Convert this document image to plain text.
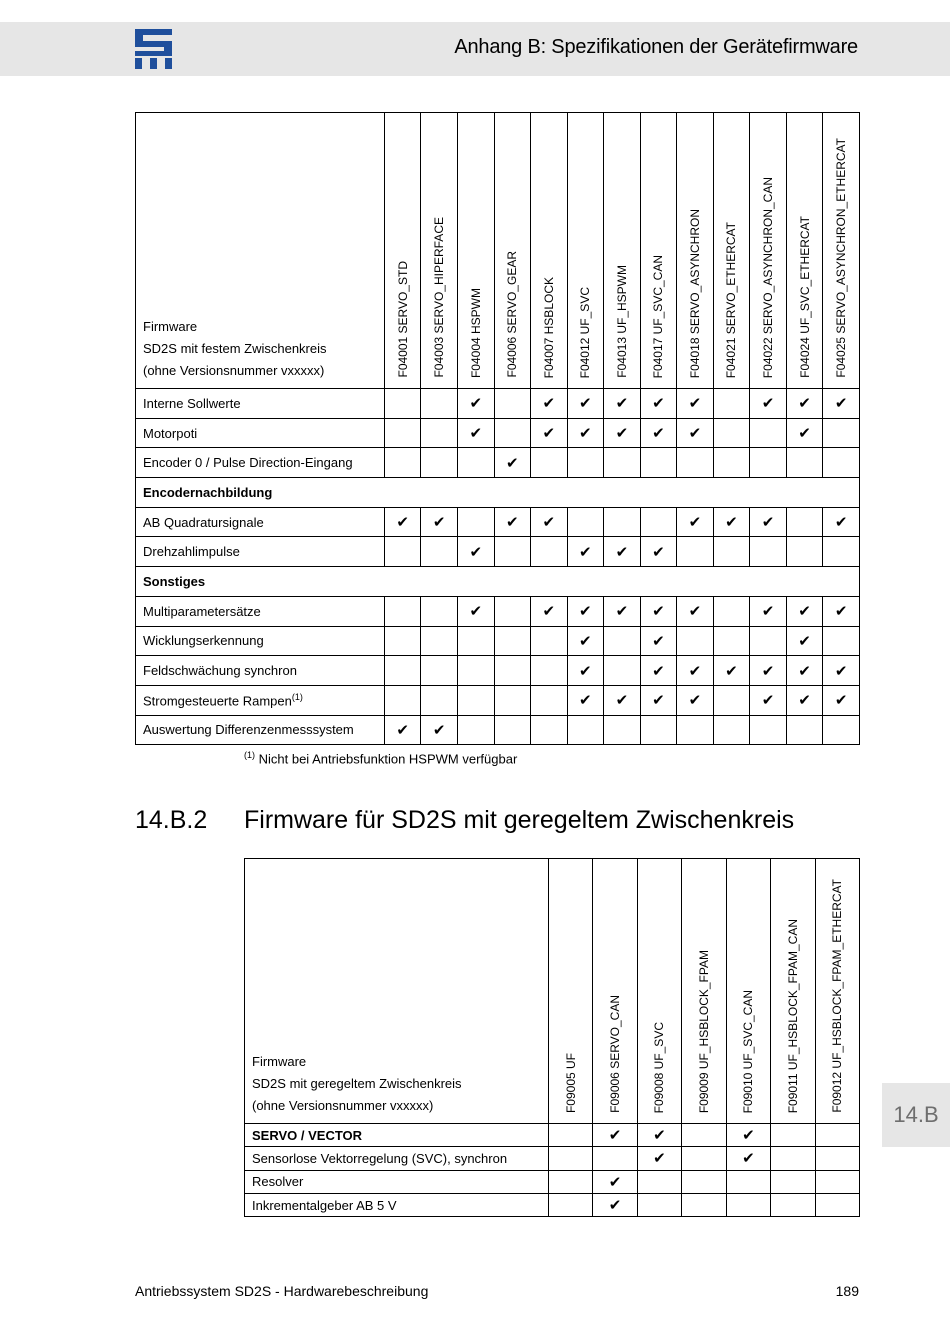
Anhang B: Spezifikationen der Gerätefirmware
Firmware
SD2S mit festem Zwischenkreis
(ohne Versionsnummer vxxxxx)	F04001 SERVO_STD	F04003 SERVO_HIPERFACE	F04004 HSPWM	F04006 SERVO_GEAR	F04007 HSBLOCK	F04012 UF_SVC	F04013 UF_HSPWM	F04017 UF_SVC_CAN	F04018 SERVO_ASYNCHRON	F04021 SERVO_ETHERCAT	F04022 SERVO_ASYNCHRON_CAN	F04024 UF_SVC_ETHERCAT	F04025 SERVO_ASYNCHRON_ETHERCAT

Interne Sollwerte			✔		✔	✔	✔	✔	✔		✔	✔	✔
Motorpoti			✔		✔	✔	✔	✔	✔			✔	
Encoder 0 / Pulse Direction-Eingang				✔									
Encodernachbildung													
AB Quadratursignale	✔	✔		✔	✔				✔	✔	✔		✔
Drehzahlimpulse			✔			✔	✔	✔					
Sonstiges													
Multiparametersätze			✔		✔	✔	✔	✔	✔		✔	✔	✔
Wicklungserkennung						✔		✔				✔	
Feldschwächung synchron						✔		✔	✔	✔	✔	✔	✔
Stromgesteuerte Rampen$^{(1)}$						✔	✔	✔	✔		✔	✔	✔
Auswertung Differenzenmesssystem	✔	✔											
$^{(1)}$ Nicht bei Antriebsfunktion HSPWM verfügbar
14.B.2 Firmware für SD2S mit geregeltem Zwischenkreis
Firmware
SD2S mit geregeltem Zwischenkreis
(ohne Versionsnummer vxxxxx)	F09005 UF	F09006 SERVO_CAN	F09008 UF_SVC	F09009 UF_HSBLOCK_FPAM	F09010 UF_SVC_CAN	F09011 UF_HSBLOCK_FPAM_CAN	F09012 UF_HSBLOCK_FPAM_ETHERCAT

SERVO / VECTOR		✔	✔		✔		
Sensorlose Vektorregelung (SVC), synchron			✔		✔		
Resolver		✔					
Inkrementalgeber AB 5 V		✔					
14.B
Antriebssystem SD2S - Hardwarebeschreibung	189
